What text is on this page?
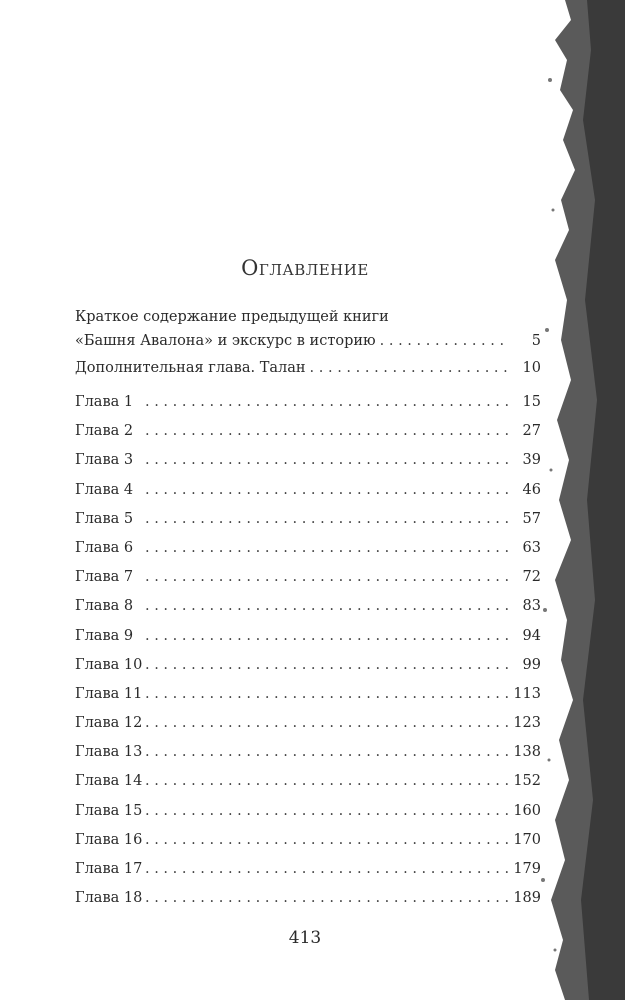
Оглавление
Краткое содержание предыдущей книги
«Башня Авалона» и экскурс в историю . . .	5
Дополнительная глава. Талан . . .	10
Глава 1 . . .	15
Глава 2 . . .	27
Глава 3 . . .	39
Глава 4 . . .	46
Глава 5 . . .	57
Глава 6 . . .	63
Глава 7 . . .	72
Глава 8 . . .	83
Глава 9 . . .	94
Глава 10 . . .	99
Глава 11 . . .	113
Глава 12 . . .	123
Глава 13 . . .	138
Глава 14 . . .	152
Глава 15 . . .	160
Глава 16 . . .	170
Глава 17 . . .	179
Глава 18 . . .	189
413
